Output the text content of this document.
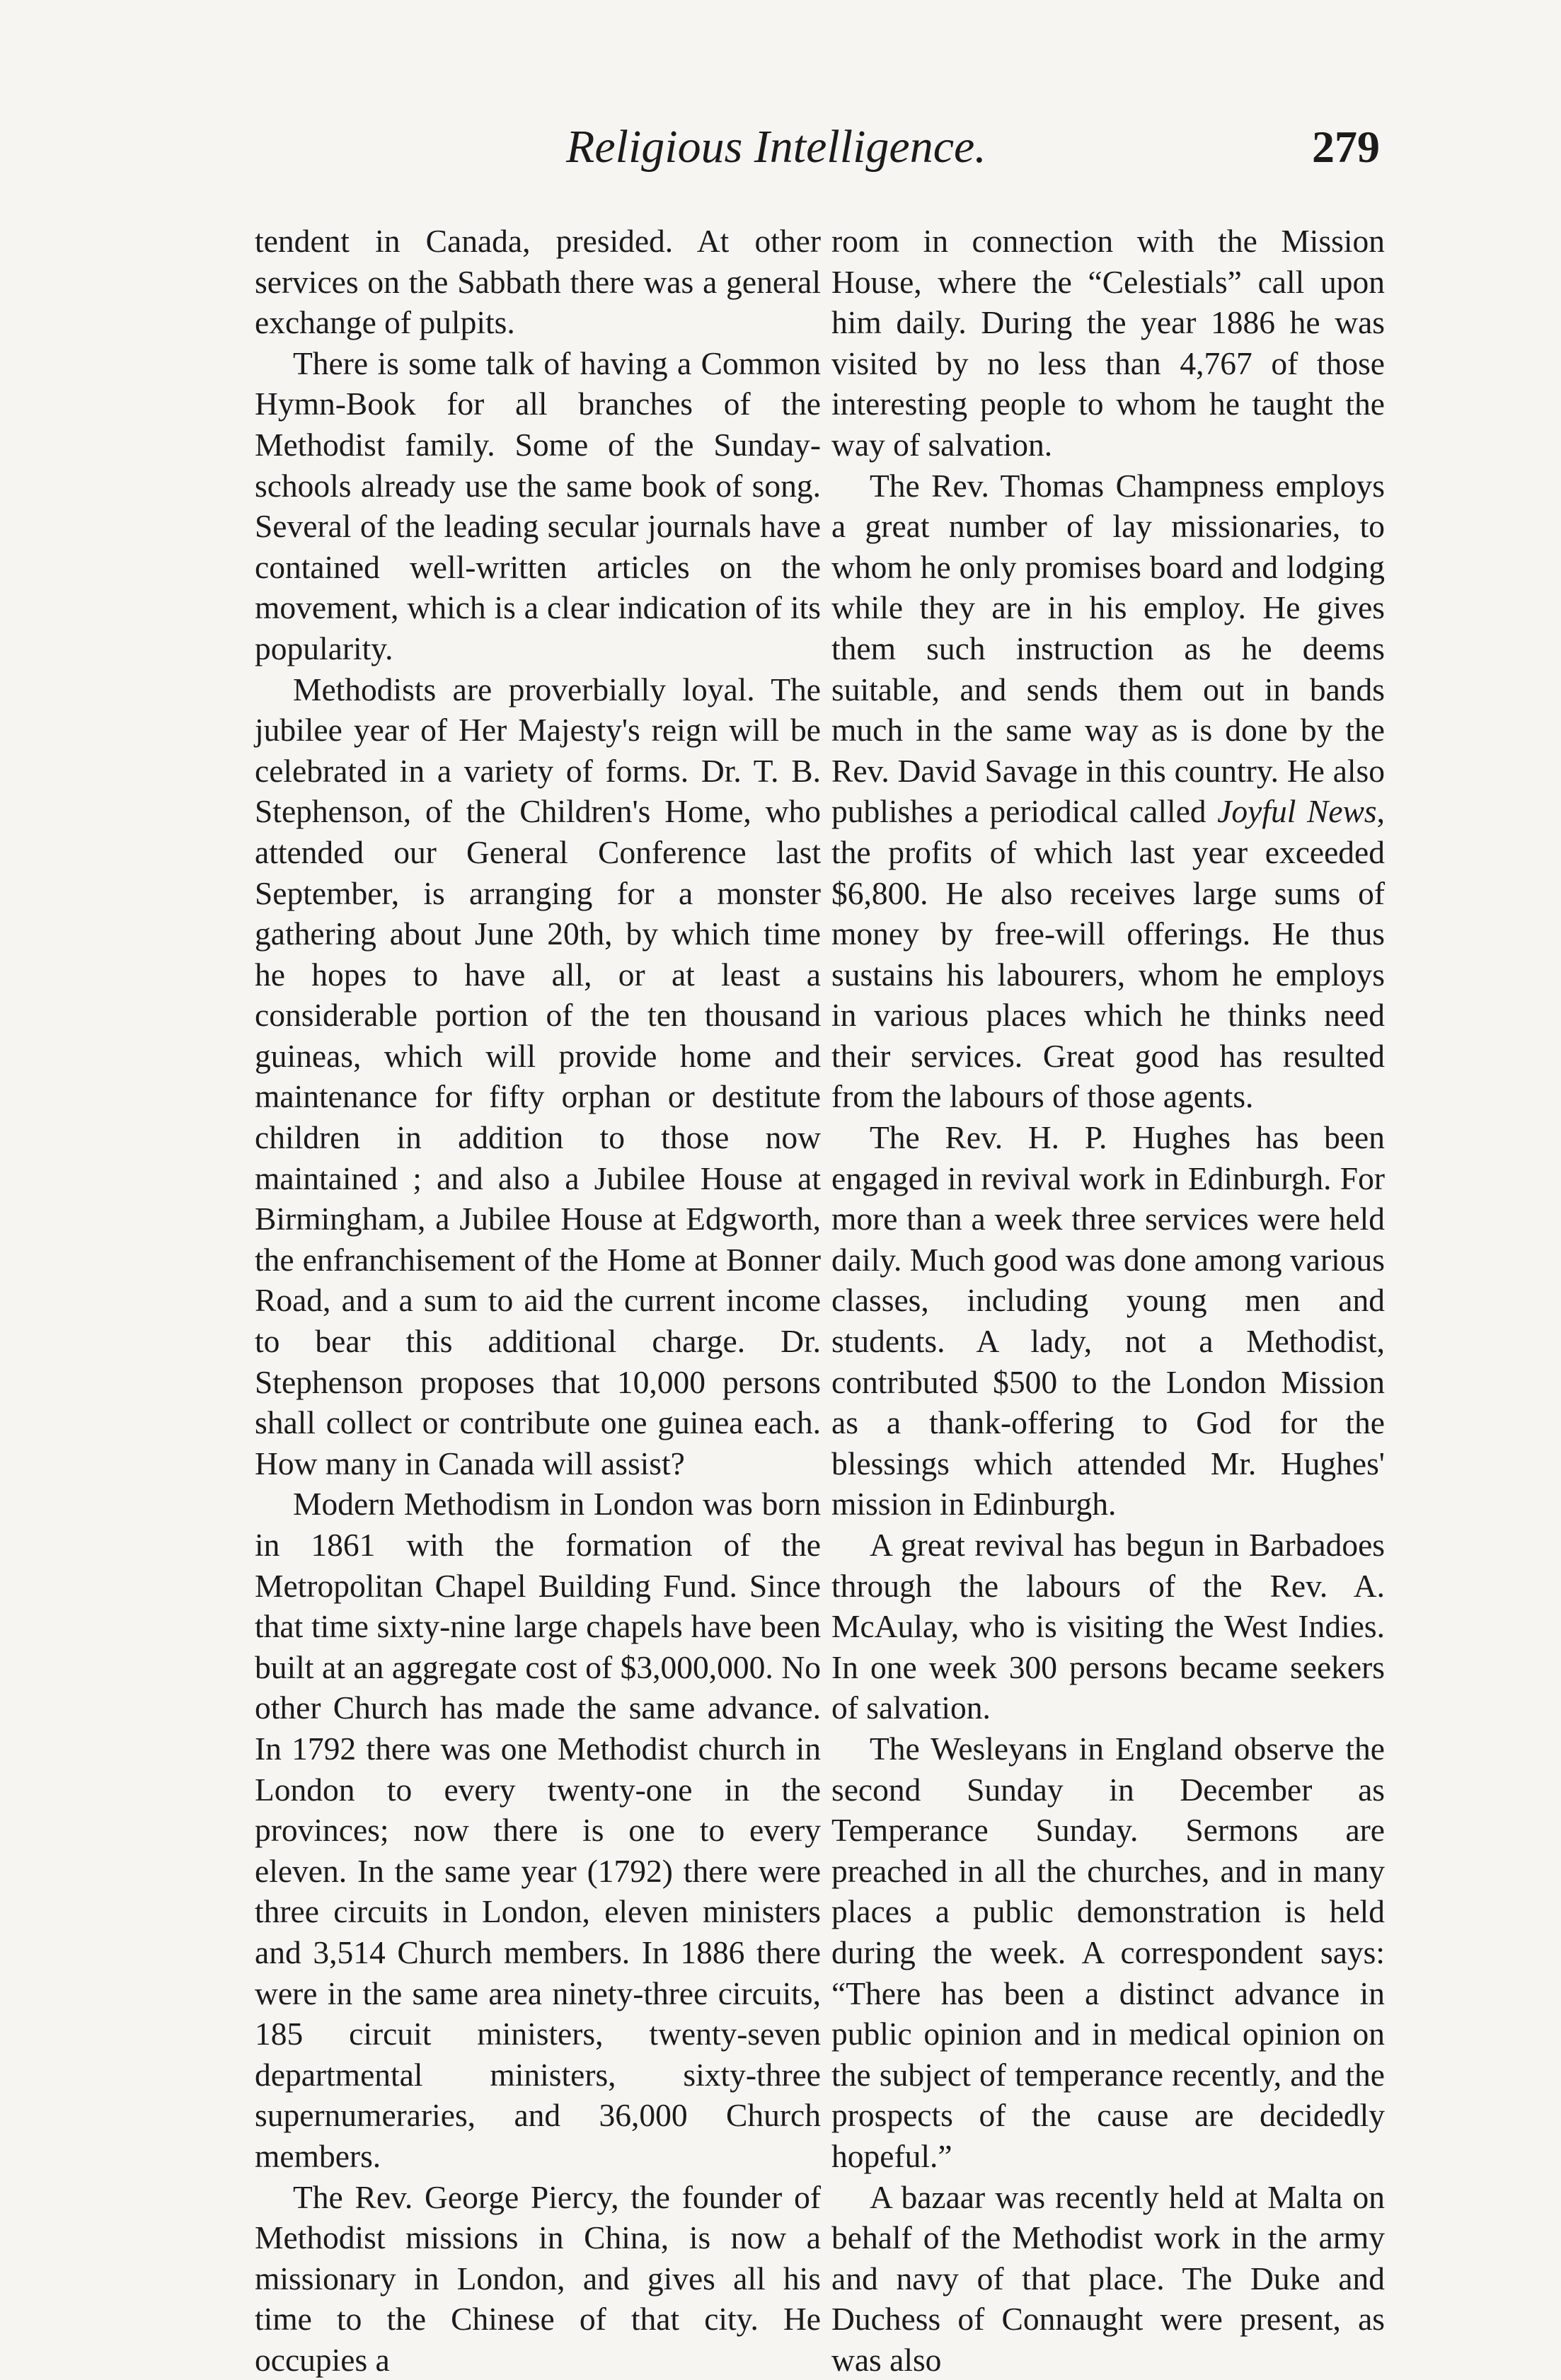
Religious Intelligence.	279

tendent in Canada, presided. At other services on the Sabbath there was a general exchange of pulpits.

There is some talk of having a Common Hymn-Book for all branches of the Methodist family. Some of the Sunday-schools already use the same book of song. Several of the leading secular journals have contained well-written articles on the movement, which is a clear indication of its popularity.

Methodists are proverbially loyal. The jubilee year of Her Majesty's reign will be celebrated in a variety of forms. Dr. T. B. Stephenson, of the Children's Home, who attended our General Conference last September, is arranging for a monster gathering about June 20th, by which time he hopes to have all, or at least a considerable portion of the ten thousand guineas, which will provide home and maintenance for fifty orphan or destitute children in addition to those now maintained ; and also a Jubilee House at Birmingham, a Jubilee House at Edgworth, the enfranchisement of the Home at Bonner Road, and a sum to aid the current income to bear this additional charge. Dr. Stephenson proposes that 10,000 persons shall collect or contribute one guinea each. How many in Canada will assist?

Modern Methodism in London was born in 1861 with the formation of the Metropolitan Chapel Building Fund. Since that time sixty-nine large chapels have been built at an aggregate cost of $3,000,000. No other Church has made the same advance. In 1792 there was one Methodist church in London to every twenty-one in the provinces; now there is one to every eleven. In the same year (1792) there were three circuits in London, eleven ministers and 3,514 Church members. In 1886 there were in the same area ninety-three circuits, 185 circuit ministers, twenty-seven departmental ministers, sixty-three supernumeraries, and 36,000 Church members.

The Rev. George Piercy, the founder of Methodist missions in China, is now a missionary in London, and gives all his time to the Chinese of that city. He occupies a

room in connection with the Mission House, where the “Celestials” call upon him daily. During the year 1886 he was visited by no less than 4,767 of those interesting people to whom he taught the way of salvation.

The Rev. Thomas Champness employs a great number of lay missionaries, to whom he only promises board and lodging while they are in his employ. He gives them such instruction as he deems suitable, and sends them out in bands much in the same way as is done by the Rev. David Savage in this country. He also publishes a periodical called Joyful News, the profits of which last year exceeded $6,800. He also receives large sums of money by free-will offerings. He thus sustains his labourers, whom he employs in various places which he thinks need their services. Great good has resulted from the labours of those agents.

The Rev. H. P. Hughes has been engaged in revival work in Edinburgh. For more than a week three services were held daily. Much good was done among various classes, including young men and students. A lady, not a Methodist, contributed $500 to the London Mission as a thank-offering to God for the blessings which attended Mr. Hughes' mission in Edinburgh.

A great revival has begun in Barbadoes through the labours of the Rev. A. McAulay, who is visiting the West Indies. In one week 300 persons became seekers of salvation.

The Wesleyans in England observe the second Sunday in December as Temperance Sunday. Sermons are preached in all the churches, and in many places a public demonstration is held during the week. A correspondent says: “There has been a distinct advance in public opinion and in medical opinion on the subject of temperance recently, and the prospects of the cause are decidedly hopeful.”

A bazaar was recently held at Malta on behalf of the Methodist work in the army and navy of that place. The Duke and Duchess of Connaught were present, as was also
